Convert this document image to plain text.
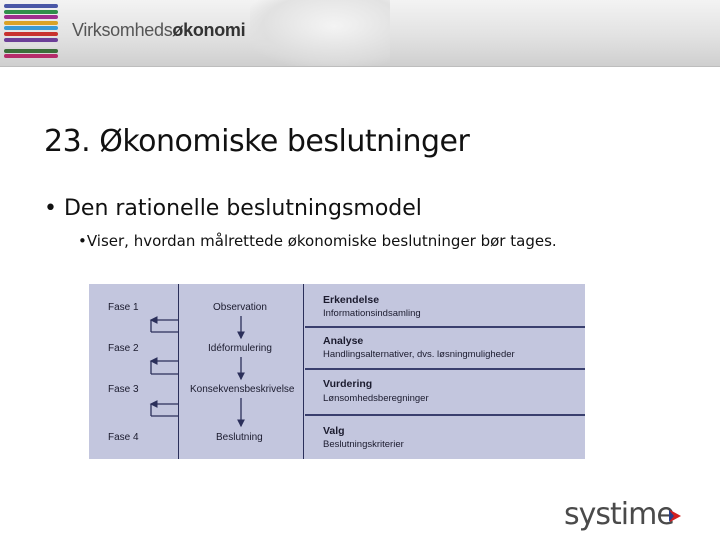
Virksomhedsøkonomi
23. Økonomiske beslutninger
• Den rationelle beslutningsmodel
•Viser, hvordan målrettede økonomiske beslutninger bør tages.
Fase 1
Fase 2
Fase 3
Fase 4
Observation
Idéformulering
Konsekvensbeskrivelse
Beslutning
Erkendelse
Informationsindsamling
Analyse
Handlingsalternativer, dvs. løsningmuligheder
Vurdering
Lønsomhedsberegninger
Valg
Beslutningskriterier
systime
